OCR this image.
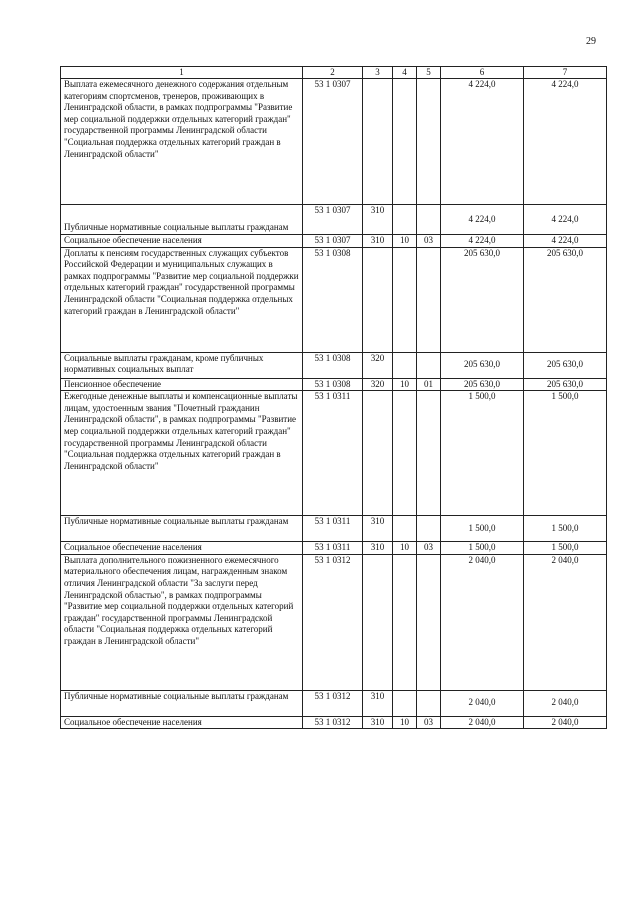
29
1	2	3	4	5	6	7
Выплата ежемесячного денежного содержания отдельным категориям спортсменов, тренеров, проживающих в Ленинградской области, в рамках подпрограммы "Развитие мер социальной поддержки отдельных категорий граждан" государственной программы Ленинградской области "Социальная поддержка отдельных категорий граждан в Ленинградской области"	53 1 0307				4 224,0	4 224,0
Публичные нормативные социальные выплаты гражданам	53 1 0307	310			4 224,0	4 224,0
Социальное обеспечение населения	53 1 0307	310	10	03	4 224,0	4 224,0
Доплаты к пенсиям государственных служащих субъектов Российской Федерации и муниципальных служащих в рамках подпрограммы "Развитие мер социальной поддержки отдельных категорий граждан" государственной программы Ленинградской области "Социальная поддержка отдельных категорий граждан в Ленинградской области"	53 1 0308				205 630,0	205 630,0
Социальные выплаты гражданам, кроме публичных нормативных социальных выплат	53 1 0308	320			205 630,0	205 630,0
Пенсионное обеспечение	53 1 0308	320	10	01	205 630,0	205 630,0
Ежегодные денежные выплаты и компенсационные выплаты лицам, удостоенным звания "Почетный гражданин Ленинградской области", в рамках подпрограммы "Развитие мер социальной поддержки отдельных категорий граждан" государственной программы Ленинградской области "Социальная поддержка отдельных категорий граждан в Ленинградской области"	53 1 0311				1 500,0	1 500,0
Публичные нормативные социальные выплаты гражданам	53 1 0311	310			1 500,0	1 500,0
Социальное обеспечение населения	53 1 0311	310	10	03	1 500,0	1 500,0
Выплата дополнительного пожизненного ежемесячного материального обеспечения лицам, награжденным знаком отличия Ленинградской области "За заслуги перед Ленинградской областью", в рамках подпрограммы "Развитие мер социальной поддержки отдельных категорий граждан" государственной программы Ленинградской области "Социальная поддержка отдельных категорий граждан в Ленинградской области"	53 1 0312				2 040,0	2 040,0
Публичные нормативные социальные выплаты гражданам	53 1 0312	310			2 040,0	2 040,0
Социальное обеспечение населения	53 1 0312	310	10	03	2 040,0	2 040,0
